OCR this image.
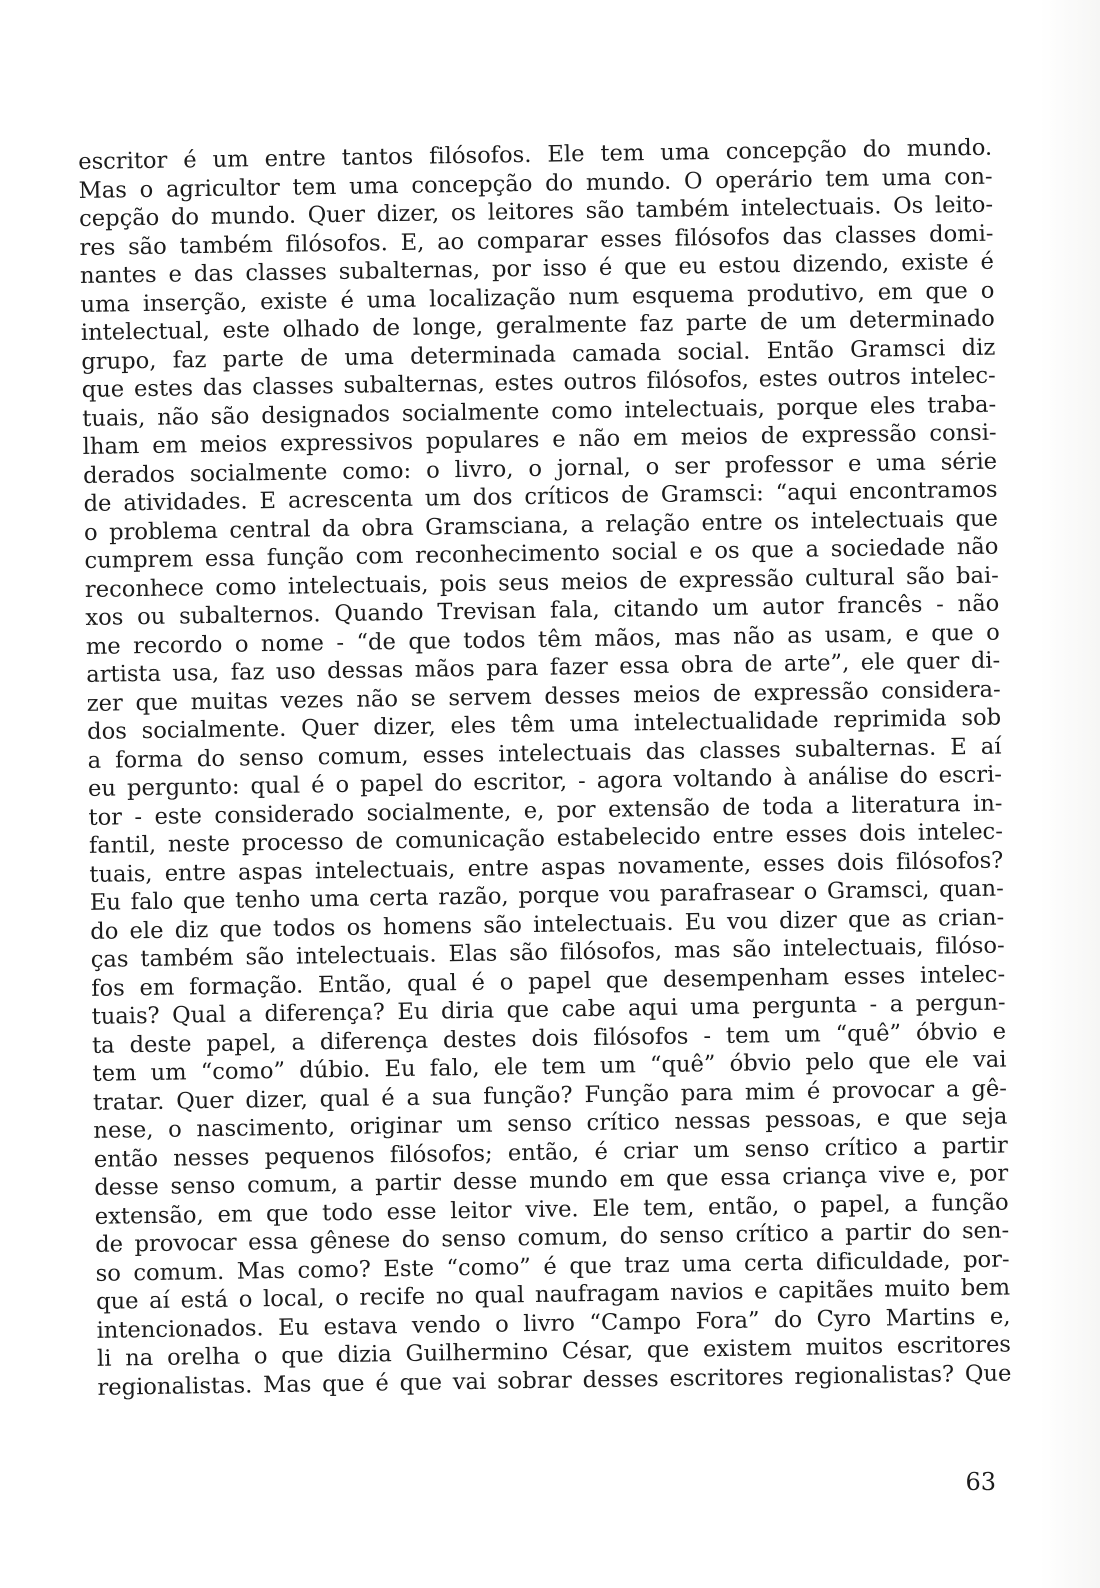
escritor é um entre tantos filósofos. Ele tem uma concepção do mundo.
Mas o agricultor tem uma concepção do mundo. O operário tem uma con-
cepção do mundo. Quer dizer, os leitores são também intelectuais. Os leito-
res são também filósofos. E, ao comparar esses filósofos das classes domi-
nantes e das classes subalternas, por isso é que eu estou dizendo, existe é
uma inserção, existe é uma localização num esquema produtivo, em que o
intelectual, este olhado de longe, geralmente faz parte de um determinado
grupo, faz parte de uma determinada camada social. Então Gramsci diz
que estes das classes subalternas, estes outros filósofos, estes outros intelec-
tuais, não são designados socialmente como intelectuais, porque eles traba-
lham em meios expressivos populares e não em meios de expressão consi-
derados socialmente como: o livro, o jornal, o ser professor e uma série
de atividades. E acrescenta um dos críticos de Gramsci: “aqui encontramos
o problema central da obra Gramsciana, a relação entre os intelectuais que
cumprem essa função com reconhecimento social e os que a sociedade não
reconhece como intelectuais, pois seus meios de expressão cultural são bai-
xos ou subalternos. Quando Trevisan fala, citando um autor francês - não
me recordo o nome - “de que todos têm mãos, mas não as usam, e que o
artista usa, faz uso dessas mãos para fazer essa obra de arte”, ele quer di-
zer que muitas vezes não se servem desses meios de expressão considera-
dos socialmente. Quer dizer, eles têm uma intelectualidade reprimida sob
a forma do senso comum, esses intelectuais das classes subalternas. E aí
eu pergunto: qual é o papel do escritor, - agora voltando à análise do escri-
tor - este considerado socialmente, e, por extensão de toda a literatura in-
fantil, neste processo de comunicação estabelecido entre esses dois intelec-
tuais, entre aspas intelectuais, entre aspas novamente, esses dois filósofos?
Eu falo que tenho uma certa razão, porque vou parafrasear o Gramsci, quan-
do ele diz que todos os homens são intelectuais. Eu vou dizer que as crian-
ças também são intelectuais. Elas são filósofos, mas são intelectuais, filóso-
fos em formação. Então, qual é o papel que desempenham esses intelec-
tuais? Qual a diferença? Eu diria que cabe aqui uma pergunta - a pergun-
ta deste papel, a diferença destes dois filósofos - tem um “quê” óbvio e
tem um “como” dúbio. Eu falo, ele tem um “quê” óbvio pelo que ele vai
tratar. Quer dizer, qual é a sua função? Função para mim é provocar a gê-
nese, o nascimento, originar um senso crítico nessas pessoas, e que seja
então nesses pequenos filósofos; então, é criar um senso crítico a partir
desse senso comum, a partir desse mundo em que essa criança vive e, por
extensão, em que todo esse leitor vive. Ele tem, então, o papel, a função
de provocar essa gênese do senso comum, do senso crítico a partir do sen-
so comum. Mas como? Este “como” é que traz uma certa dificuldade, por-
que aí está o local, o recife no qual naufragam navios e capitães muito bem
intencionados. Eu estava vendo o livro “Campo Fora” do Cyro Martins e,
li na orelha o que dizia Guilhermino César, que existem muitos escritores
regionalistas. Mas que é que vai sobrar desses escritores regionalistas? Que
63
